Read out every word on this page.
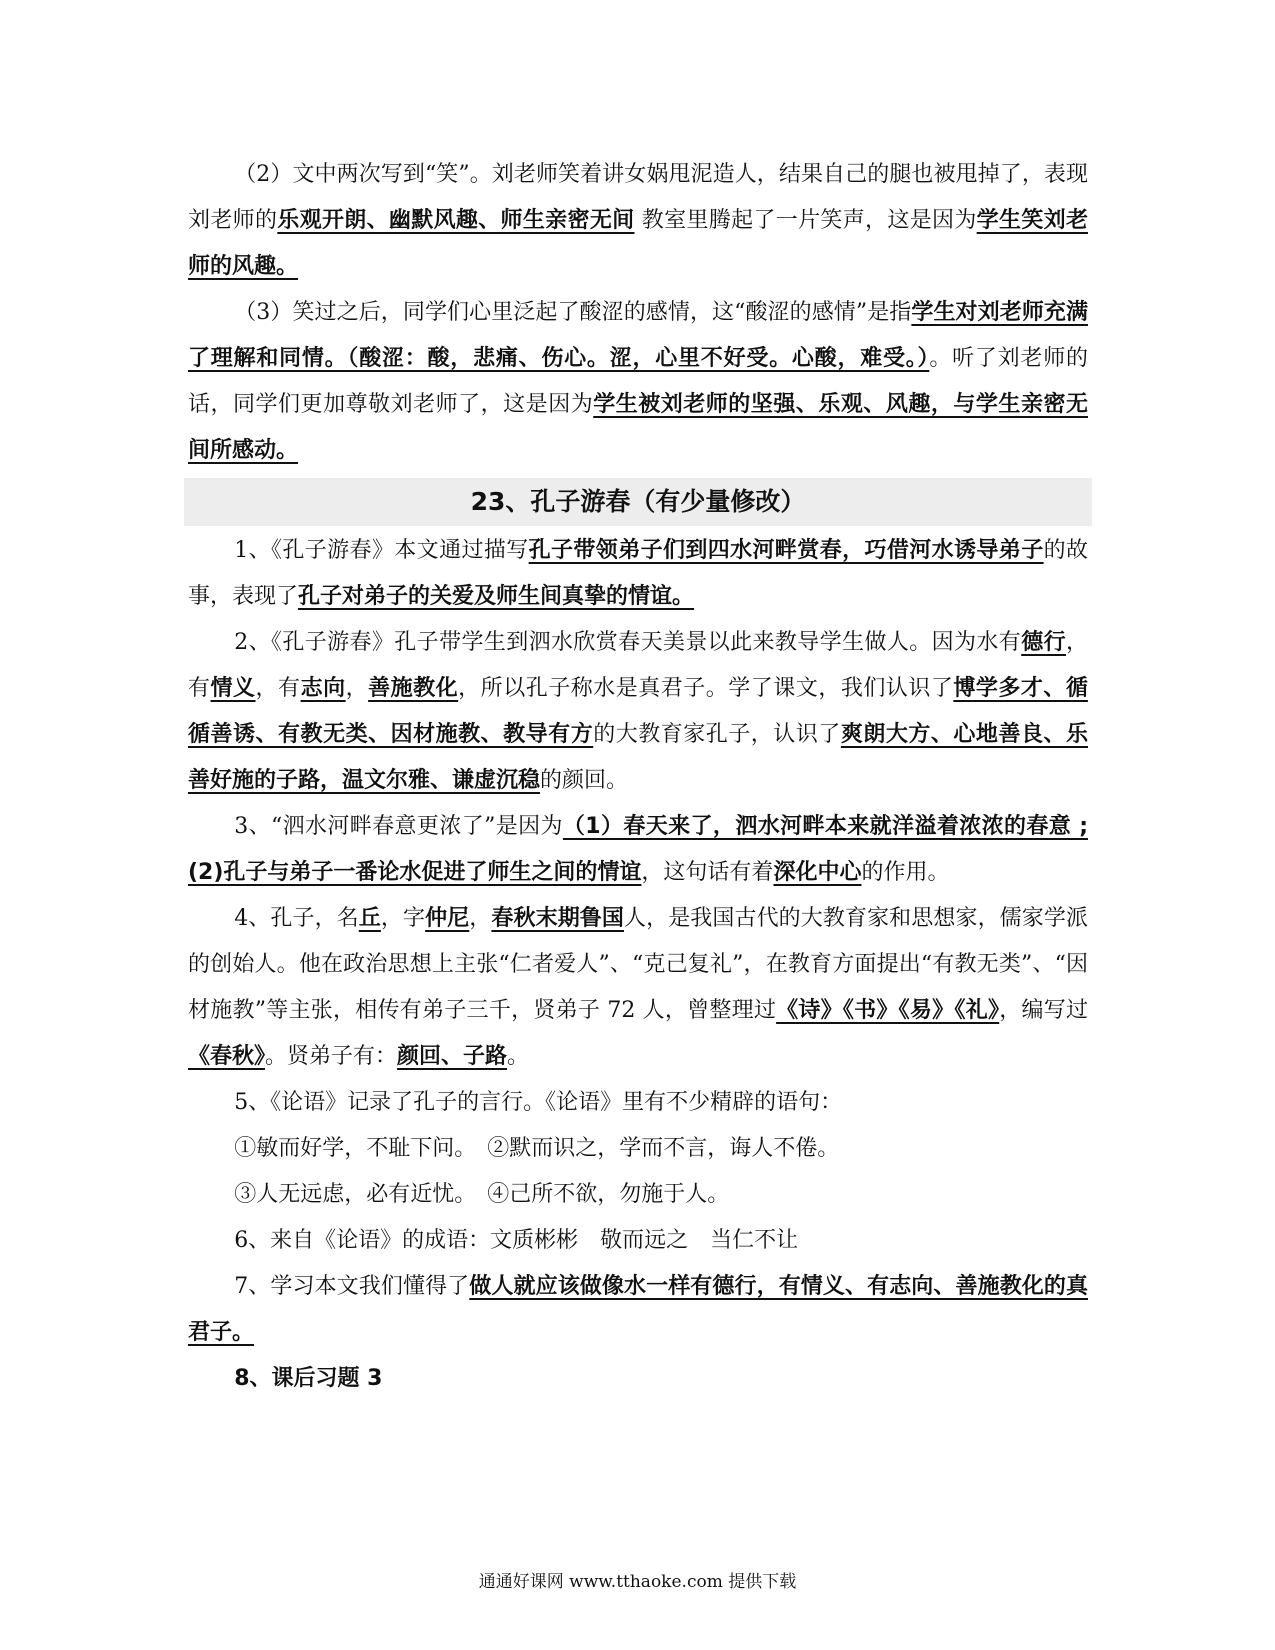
（2）文中两次写到“笑”。刘老师笑着讲女娲甩泥造人，结果自己的腿也被甩掉了，表现刘老师的乐观开朗、幽默风趣、师生亲密无间 教室里腾起了一片笑声，这是因为学生笑刘老师的风趣。

（3）笑过之后，同学们心里泛起了酸涩的感情，这“酸涩的感情”是指学生对刘老师充满了理解和同情。（酸涩：酸，悲痛、伤心。涩，心里不好受。心酸，难受。）。听了刘老师的话，同学们更加尊敬刘老师了，这是因为学生被刘老师的坚强、乐观、风趣，与学生亲密无间所感动。

23、孔子游春（有少量修改）

1、《孔子游春》本文通过描写孔子带领弟子们到四水河畔赏春，巧借河水诱导弟子的故事，表现了孔子对弟子的关爱及师生间真挚的情谊。

2、《孔子游春》孔子带学生到泗水欣赏春天美景以此来教导学生做人。因为水有德行，有情义，有志向，善施教化，所以孔子称水是真君子。学了课文，我们认识了博学多才、循循善诱、有教无类、因材施教、教导有方的大教育家孔子，认识了爽朗大方、心地善良、乐善好施的子路，温文尔雅、谦虚沉稳的颜回。

3、“泗水河畔春意更浓了”是因为（1）春天来了，泗水河畔本来就洋溢着浓浓的春意 ;(2)孔子与弟子一番论水促进了师生之间的情谊，这句话有着深化中心的作用。

4、孔子，名丘，字仲尼，春秋末期鲁国人，是我国古代的大教育家和思想家，儒家学派的创始人。他在政治思想上主张“仁者爱人”、“克己复礼”，在教育方面提出“有教无类”、“因材施教”等主张，相传有弟子三千，贤弟子 72 人，曾整理过《诗》《书》《易》《礼》，编写过《春秋》。贤弟子有：颜回、子路。

5、《论语》记录了孔子的言行。《论语》里有不少精辟的语句：

①敏而好学，不耻下问。　②默而识之，学而不言，诲人不倦。

③人无远虑，必有近忧。　④己所不欲，勿施于人。

6、来自《论语》的成语：文质彬彬　敬而远之　当仁不让

7、学习本文我们懂得了做人就应该做像水一样有德行，有情义、有志向、善施教化的真君子。

8、课后习题 3

通通好课网 www.tthaoke.com 提供下载
